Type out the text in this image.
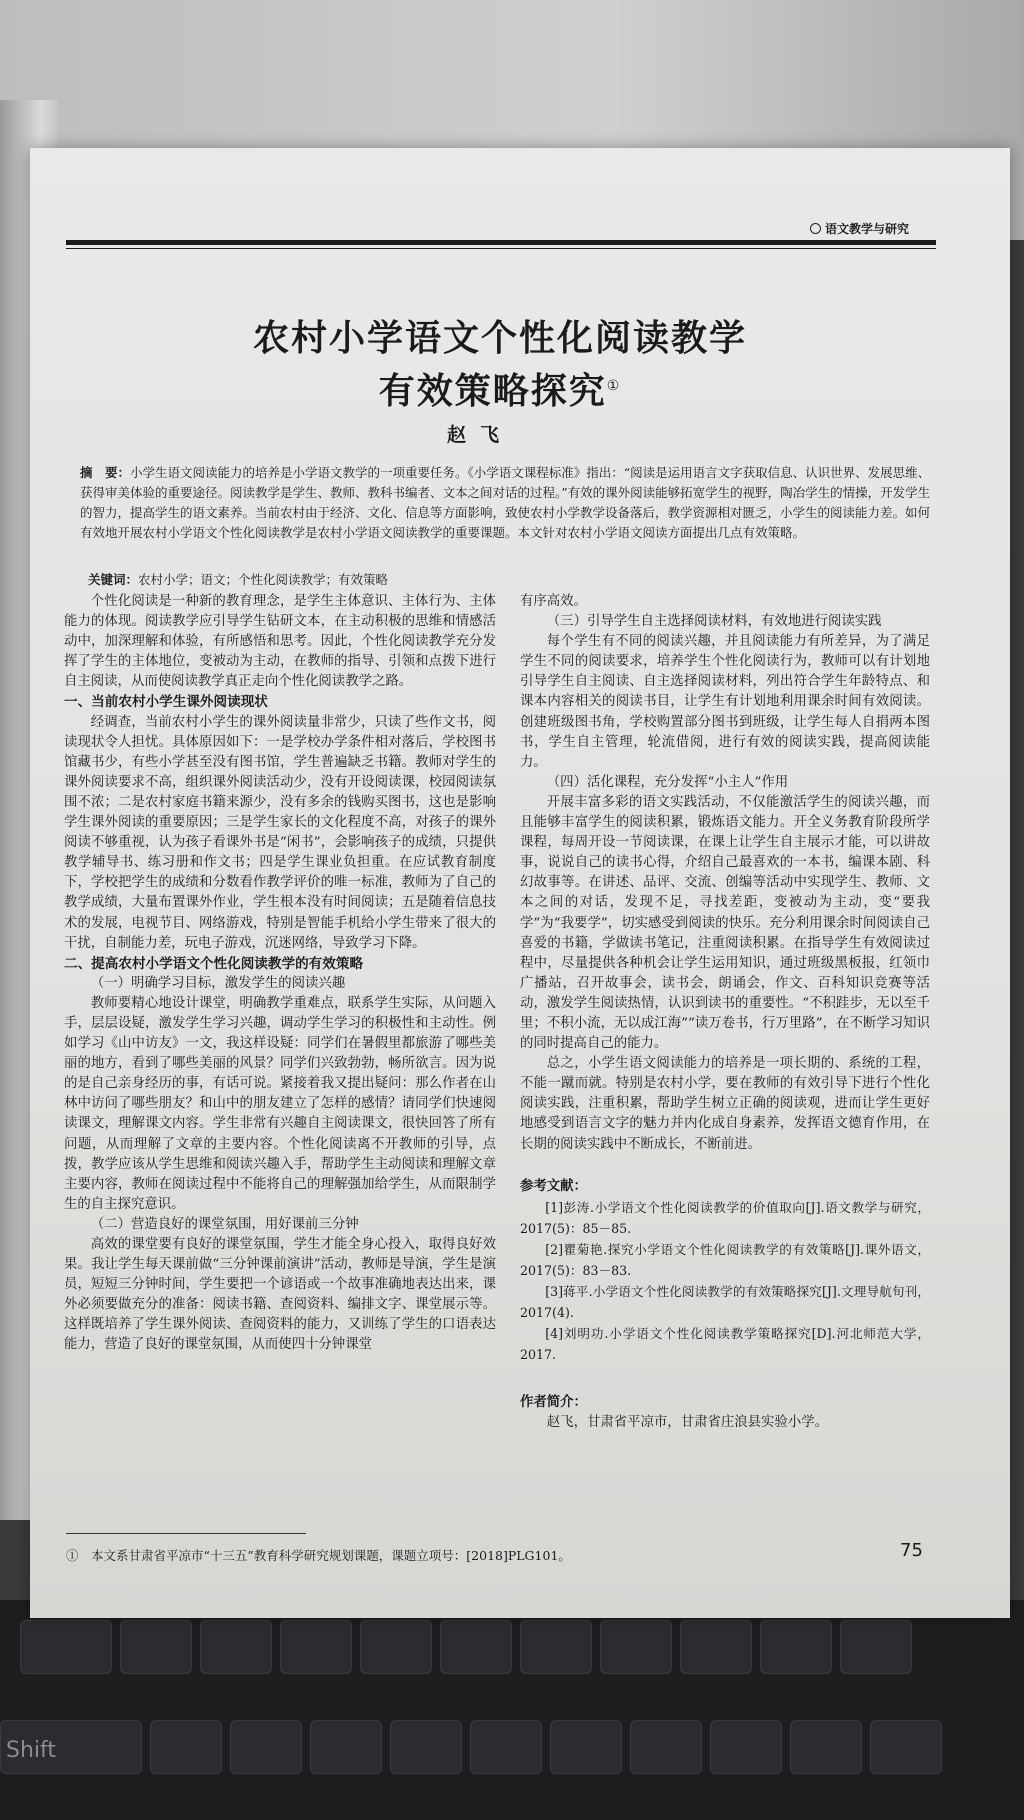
Shift
语文教学与研究
农村小学语文个性化阅读教学
有效策略探究①
赵飞
摘　要：小学生语文阅读能力的培养是小学语文教学的一项重要任务。《小学语文课程标准》指出：“阅读是运用语言文字获取信息、认识世界、发展思维、获得审美体验的重要途径。阅读教学是学生、教师、教科书编者、文本之间对话的过程。”有效的课外阅读能够拓宽学生的视野，陶冶学生的情操，开发学生的智力，提高学生的语文素养。当前农村由于经济、文化、信息等方面影响，致使农村小学教学设备落后，教学资源相对匮乏，小学生的阅读能力差。如何有效地开展农村小学语文个性化阅读教学是农村小学语文阅读教学的重要课题。本文针对农村小学语文阅读方面提出几点有效策略。
关键词：农村小学；语文；个性化阅读教学；有效策略

个性化阅读是一种新的教育理念，是学生主体意识、主体行为、主体能力的体现。阅读教学应引导学生钻研文本，在主动积极的思维和情感活动中，加深理解和体验，有所感悟和思考。因此，个性化阅读教学充分发挥了学生的主体地位，变被动为主动，在教师的指导、引领和点拨下进行自主阅读，从而使阅读教学真正走向个性化阅读教学之路。

一、当前农村小学生课外阅读现状

经调查，当前农村小学生的课外阅读量非常少，只读了些作文书，阅读现状令人担忧。具体原因如下：一是学校办学条件相对落后，学校图书馆藏书少，有些小学甚至没有图书馆，学生普遍缺乏书籍。教师对学生的课外阅读要求不高，组织课外阅读活动少，没有开设阅读课，校园阅读氛围不浓；二是农村家庭书籍来源少，没有多余的钱购买图书，这也是影响学生课外阅读的重要原因；三是学生家长的文化程度不高，对孩子的课外阅读不够重视，认为孩子看课外书是“闲书”，会影响孩子的成绩，只提供教学辅导书、练习册和作文书；四是学生课业负担重。在应试教育制度下，学校把学生的成绩和分数看作教学评价的唯一标准，教师为了自己的教学成绩，大量布置课外作业，学生根本没有时间阅读；五是随着信息技术的发展，电视节目、网络游戏，特别是智能手机给小学生带来了很大的干扰，自制能力差，玩电子游戏，沉迷网络，导致学习下降。

二、提高农村小学语文个性化阅读教学的有效策略

（一）明确学习目标，激发学生的阅读兴趣

教师要精心地设计课堂，明确教学重难点，联系学生实际，从问题入手，层层设疑，激发学生学习兴趣，调动学生学习的积极性和主动性。例如学习《山中访友》一文，我这样设疑：同学们在暑假里都旅游了哪些美丽的地方，看到了哪些美丽的风景？同学们兴致勃勃，畅所欲言。因为说的是自己亲身经历的事，有话可说。紧接着我又提出疑问：那么作者在山林中访问了哪些朋友？和山中的朋友建立了怎样的感情？请同学们快速阅读课文，理解课文内容。学生非常有兴趣自主阅读课文，很快回答了所有问题，从而理解了文章的主要内容。个性化阅读离不开教师的引导，点拨，教学应该从学生思维和阅读兴趣入手，帮助学生主动阅读和理解文章主要内容，教师在阅读过程中不能将自己的理解强加给学生，从而限制学生的自主探究意识。

（二）营造良好的课堂氛围，用好课前三分钟

高效的课堂要有良好的课堂氛围，学生才能全身心投入，取得良好效果。我让学生每天课前做“三分钟课前演讲”活动，教师是导演，学生是演员，短短三分钟时间，学生要把一个谚语或一个故事准确地表达出来，课外必须要做充分的准备：阅读书籍、查阅资料、编排文字、课堂展示等。这样既培养了学生课外阅读、查阅资料的能力，又训练了学生的口语表达能力，营造了良好的课堂氛围，从而使四十分钟课堂

有序高效。

（三）引导学生自主选择阅读材料，有效地进行阅读实践

每个学生有不同的阅读兴趣，并且阅读能力有所差异，为了满足学生不同的阅读要求，培养学生个性化阅读行为，教师可以有计划地引导学生自主阅读、自主选择阅读材料，列出符合学生年龄特点、和课本内容相关的阅读书目，让学生有计划地利用课余时间有效阅读。创建班级图书角，学校购置部分图书到班级，让学生每人自捐两本图书，学生自主管理，轮流借阅，进行有效的阅读实践，提高阅读能力。

（四）活化课程，充分发挥“小主人”作用

开展丰富多彩的语文实践活动，不仅能激活学生的阅读兴趣，而且能够丰富学生的阅读积累，锻炼语文能力。开全义务教育阶段所学课程，每周开设一节阅读课，在课上让学生自主展示才能，可以讲故事，说说自己的读书心得，介绍自己最喜欢的一本书，编课本剧、科幻故事等。在讲述、品评、交流、创编等活动中实现学生、教师、文本之间的对话，发现不足，寻找差距，变被动为主动，变“要我学”为“我要学”，切实感受到阅读的快乐。充分利用课余时间阅读自己喜爱的书籍，学做读书笔记，注重阅读积累。在指导学生有效阅读过程中，尽量提供各种机会让学生运用知识，通过班级黑板报，红领巾广播站，召开故事会，读书会，朗诵会，作文、百科知识竞赛等活动，激发学生阅读热情，认识到读书的重要性。“不积跬步，无以至千里；不积小流，无以成江海”“读万卷书，行万里路”，在不断学习知识的同时提高自己的能力。

总之，小学生语文阅读能力的培养是一项长期的、系统的工程，不能一蹴而就。特别是农村小学，要在教师的有效引导下进行个性化阅读实践，注重积累，帮助学生树立正确的阅读观，进而让学生更好地感受到语言文字的魅力并内化成自身素养，发挥语文德育作用，在长期的阅读实践中不断成长，不断前进。

参考文献：

[1]彭涛.小学语文个性化阅读教学的价值取向[J].语文教学与研究，2017(5)：85－85.

[2]瞿菊艳.探究小学语文个性化阅读教学的有效策略[J].课外语文，2017(5)：83－83.

[3]蒋平.小学语文个性化阅读教学的有效策略探究[J].文理导航旬刊，2017(4).

[4]刘明功.小学语文个性化阅读教学策略探究[D].河北师范大学，2017.

作者简介：

赵飞，甘肃省平凉市，甘肃省庄浪县实验小学。

①　本文系甘肃省平凉市“十三五”教育科学研究规划课题，课题立项号：[2018]PLG101。	75
